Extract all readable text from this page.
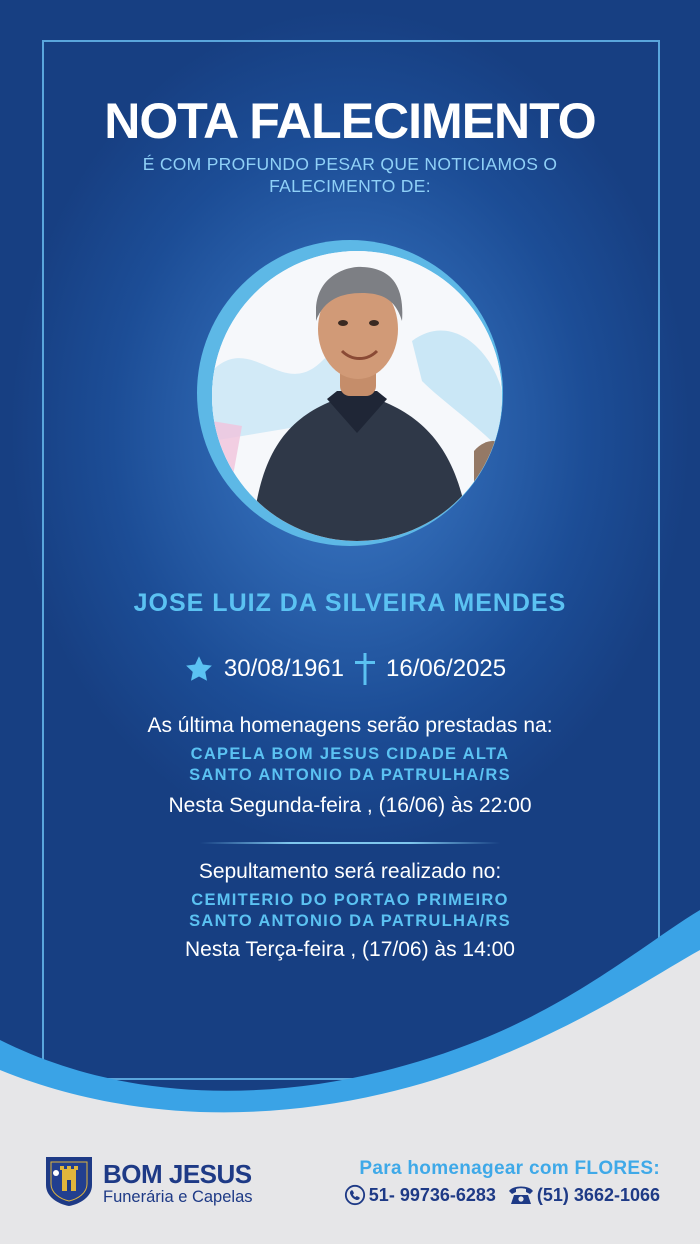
NOTA FALECIMENTO
É COM PROFUNDO PESAR QUE NOTICIAMOS O FALECIMENTO DE:
JOSE LUIZ DA SILVEIRA MENDES
30/08/1961 16/06/2025
As última homenagens serão prestadas na:
CAPELA BOM JESUS CIDADE ALTA
SANTO ANTONIO DA PATRULHA/RS
Nesta Segunda-feira , (16/06) às 22:00
Sepultamento será realizado no:
CEMITERIO DO PORTAO PRIMEIRO
SANTO ANTONIO DA PATRULHA/RS
Nesta Terça-feira , (17/06) às 14:00
BOM JESUS
Funerária e Capelas
Para homenagear com FLORES:
51- 99736-6283 (51) 3662-1066
